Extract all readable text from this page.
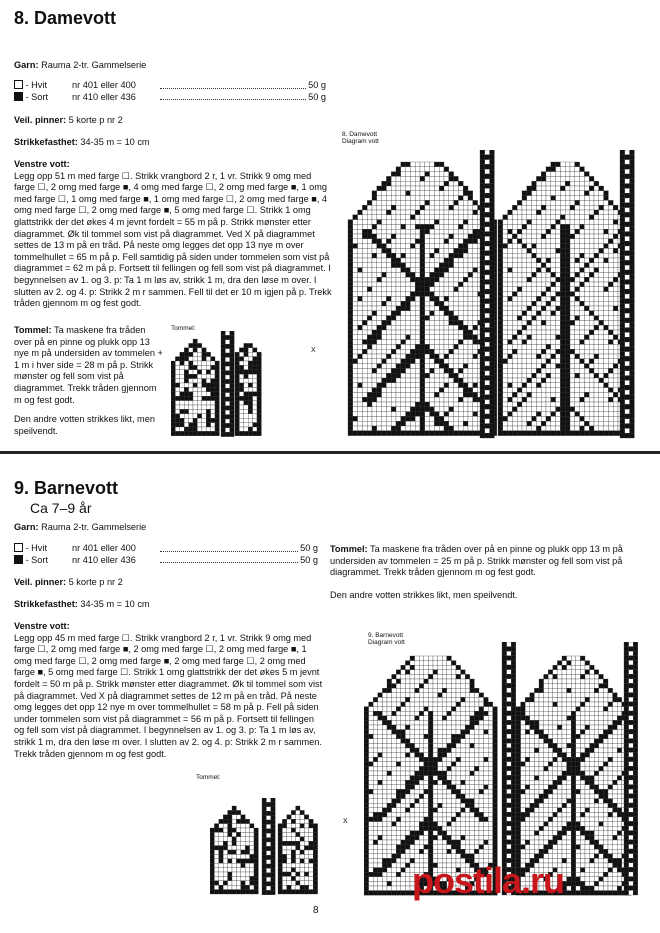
8. Damevott
Garn: Rauma 2-tr. Gammelserie
- Hvit	nr 401 eller 400	50 g
- Sort	nr 410 eller 436	50 g
Veil. pinner: 5 korte p nr 2
Strikkefasthet: 34-35 m = 10 cm
Venstre vott:
Legg opp 51 m med farge ☐. Strikk vrangbord 2 r, 1 vr. Strikk 9 omg med farge ☐, 2 omg med farge ■, 4 omg med farge ☐, 2 omg med farge ■, 1 omg med farge ☐, 1 omg med farge ■, 1 omg med farge ☐, 2 omg med farge ■, 4 omg med farge ☐, 2 omg med farge ■, 5 omg med farge ☐. Strikk 1 omg glattstrikk der det økes 4 m jevnt fordelt = 55 m på p. Strikk mønster etter diagrammet. Øk til tommel som vist på diagrammet. Ved X på diagrammet settes de 13 m på en tråd. På neste omg legges det opp 13 nye m over tommelhullet = 65 m på p. Fell samtidig på siden under tommelen som vist på diagrammet = 62 m på p. Fortsett til fellingen og fell som vist på diagrammet. I begynnelsen av 1. og 3. p: Ta 1 m løs av, strikk 1 m, dra den løse m over. I slutten av 2. og 4. p: Strikk 2 m r sammen. Fell til det er 10 m igjen på p. Trekk tråden gjennom m og fest godt.
Tommel: Ta maskene fra tråden over på en pinne og plukk opp 13 nye m på undersiden av tommelen + 1 m i hver side = 28 m på p. Strikk mønster og fell som vist på diagrammet. Trekk tråden gjennom m og fest godt.
Den andre votten strikkes likt, men speilvendt.
8. Damevott
Diagram vott
Tommel:
X
9. Barnevott
Ca 7–9 år
Garn: Rauma 2-tr. Gammelserie
- Hvit	nr 401 eller 400	50 g
- Sort	nr 410 eller 436	50 g
Veil. pinner: 5 korte p nr 2
Strikkefasthet: 34-35 m = 10 cm
Venstre vott:
Legg opp 45 m med farge ☐. Strikk vrangbord 2 r, 1 vr. Strikk 9 omg med farge ☐, 2 omg med farge ■, 2 omg med farge ☐, 2 omg med farge ■, 1 omg med farge ☐, 2 omg med farge ■, 2 omg med farge ☐, 2 omg med farge ■, 5 omg med farge ☐. Strikk 1 omg glattstrikk der det økes 5 m jevnt fordelt = 50 m på p. Strikk mønster etter diagrammet. Øk til tommel som vist på diagrammet. Ved X på diagrammet settes de 12 m på en tråd. På neste omg legges det opp 12 nye m over tommelhullet = 58 m på p. Fell på siden under tommelen som vist på diagrammet = 56 m på p. Fortsett til fellingen og fell som vist på diagrammet. I begynnelsen av 1. og 3. p: Ta 1 m løs av, strikk 1 m, dra den løse m over. I slutten av 2. og 4. p: Strikk 2 m r sammen. Trekk tråden gjennom m og fest godt.
Tommel: Ta maskene fra tråden over på en pinne og plukk opp 13 m på undersiden av tommelen = 25 m på p. Strikk mønster og fell som vist på diagrammet. Trekk tråden gjennom m og fest godt.
Den andre votten strikkes likt, men speilvendt.
9. Barnevott
Diagram vott
Tommel:
X
8
postila.ru
